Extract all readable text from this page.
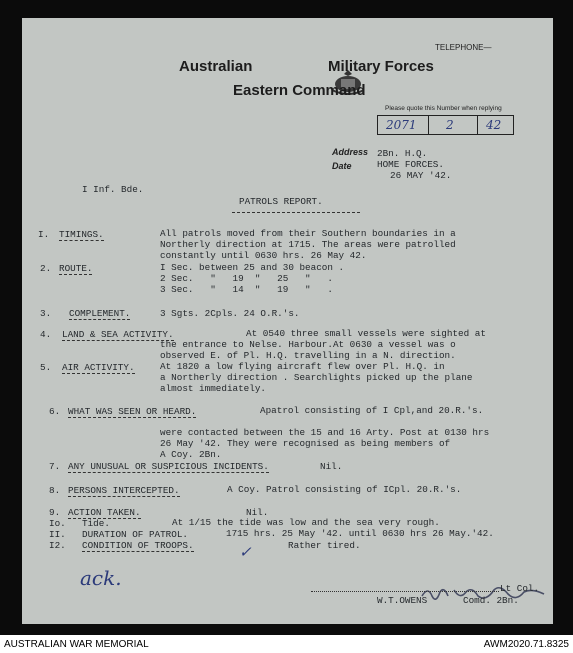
TELEPHONE—
Australian

	Military Forces
Eastern Command
Please quote this Number when replying
2071 2	42
Address
Date
2Bn. H.Q.
HOME FORCES.
26 MAY '42.
I Inf. Bde.
PATROLS REPORT.
I. TIMINGS.	All patrols moved from their Southern boundaries in a
Northerly direction at 1715. The areas were patrolled
constantly until 0630 hrs. 26 May 42.
2. ROUTE.	I Sec. between 25 and 30 beacon .
2 Sec.   "   19  "   25   "   .
3 Sec.   "   14  "   19   "   .
3. COMPLEMENT.	3 Sgts. 2Cpls. 24 O.R.'s.
4. LAND & SEA ACTIVITY.	At 0540 three small vessels were sighted at
the entrance to Nelse. Harbour.At 0630 a vessel was o
observed E. of Pl. H.Q. travelling in a N. direction.
5. AIR ACTIVITY.	At 1820 a low flying aircraft flew over Pl. H.Q. in
a Northerly direction . Searchlights picked up the plane
almost immediately.
6. WHAT WAS SEEN OR HEARD.	Apatrol consisting of I Cpl,and 20.R.'s.
were contacted between the 15 and 16 Arty. Post at 0130 hrs
26 May '42. They were recognised as being members of
A Coy. 2Bn.
7. ANY UNUSUAL OR SUSPICIOUS INCIDENTS.	Nil.
8. PERSONS INTERCEPTED.	A Coy. Patrol consisting of ICpl. 20.R.'s.
9. ACTION TAKEN.	Nil.
Io. Tide.	At 1/15 the tide was low and the sea very rough.
II. DURATION OF PATROL.	1715 hrs. 25 May '42. until 0630 hrs 26 May.'42.
I2. CONDITION OF TROOPS.	Rather tired.
ack.
✓

Lt Col.
W.T.OWENS	Comd. 2Bn.
AUSTRALIAN WAR MEMORIAL	AWM2020.71.8325
